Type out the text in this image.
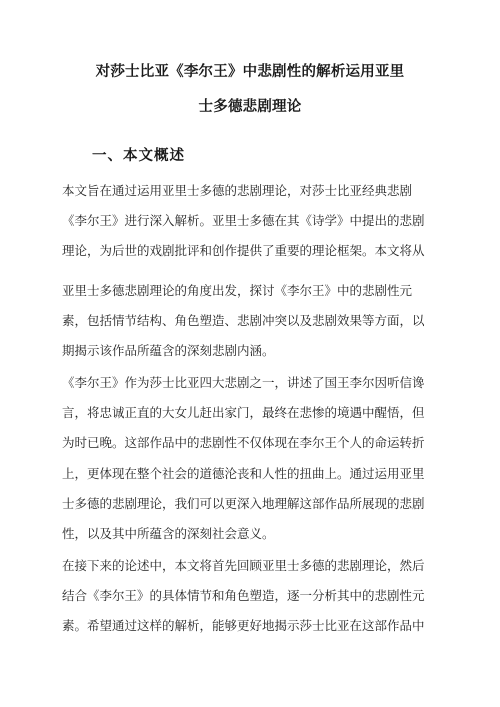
对莎士比亚《李尔王》中悲剧性的解析运用亚里
士多德悲剧理论
一、本文概述
本文旨在通过运用亚里士多德的悲剧理论，对莎士比亚经典悲剧
《李尔王》进行深入解析。亚里士多德在其《诗学》中提出的悲剧
理论，为后世的戏剧批评和创作提供了重要的理论框架。本文将从
亚里士多德悲剧理论的角度出发，探讨《李尔王》中的悲剧性元
素，包括情节结构、角色塑造、悲剧冲突以及悲剧效果等方面，以
期揭示该作品所蕴含的深刻悲剧内涵。
《李尔王》作为莎士比亚四大悲剧之一，讲述了国王李尔因听信谗
言，将忠诚正直的大女儿赶出家门，最终在悲惨的境遇中醒悟，但
为时已晚。这部作品中的悲剧性不仅体现在李尔王个人的命运转折
上，更体现在整个社会的道德沦丧和人性的扭曲上。通过运用亚里
士多德的悲剧理论，我们可以更深入地理解这部作品所展现的悲剧
性，以及其中所蕴含的深刻社会意义。
在接下来的论述中，本文将首先回顾亚里士多德的悲剧理论，然后
结合《李尔王》的具体情节和角色塑造，逐一分析其中的悲剧性元
素。希望通过这样的解析，能够更好地揭示莎士比亚在这部作品中
